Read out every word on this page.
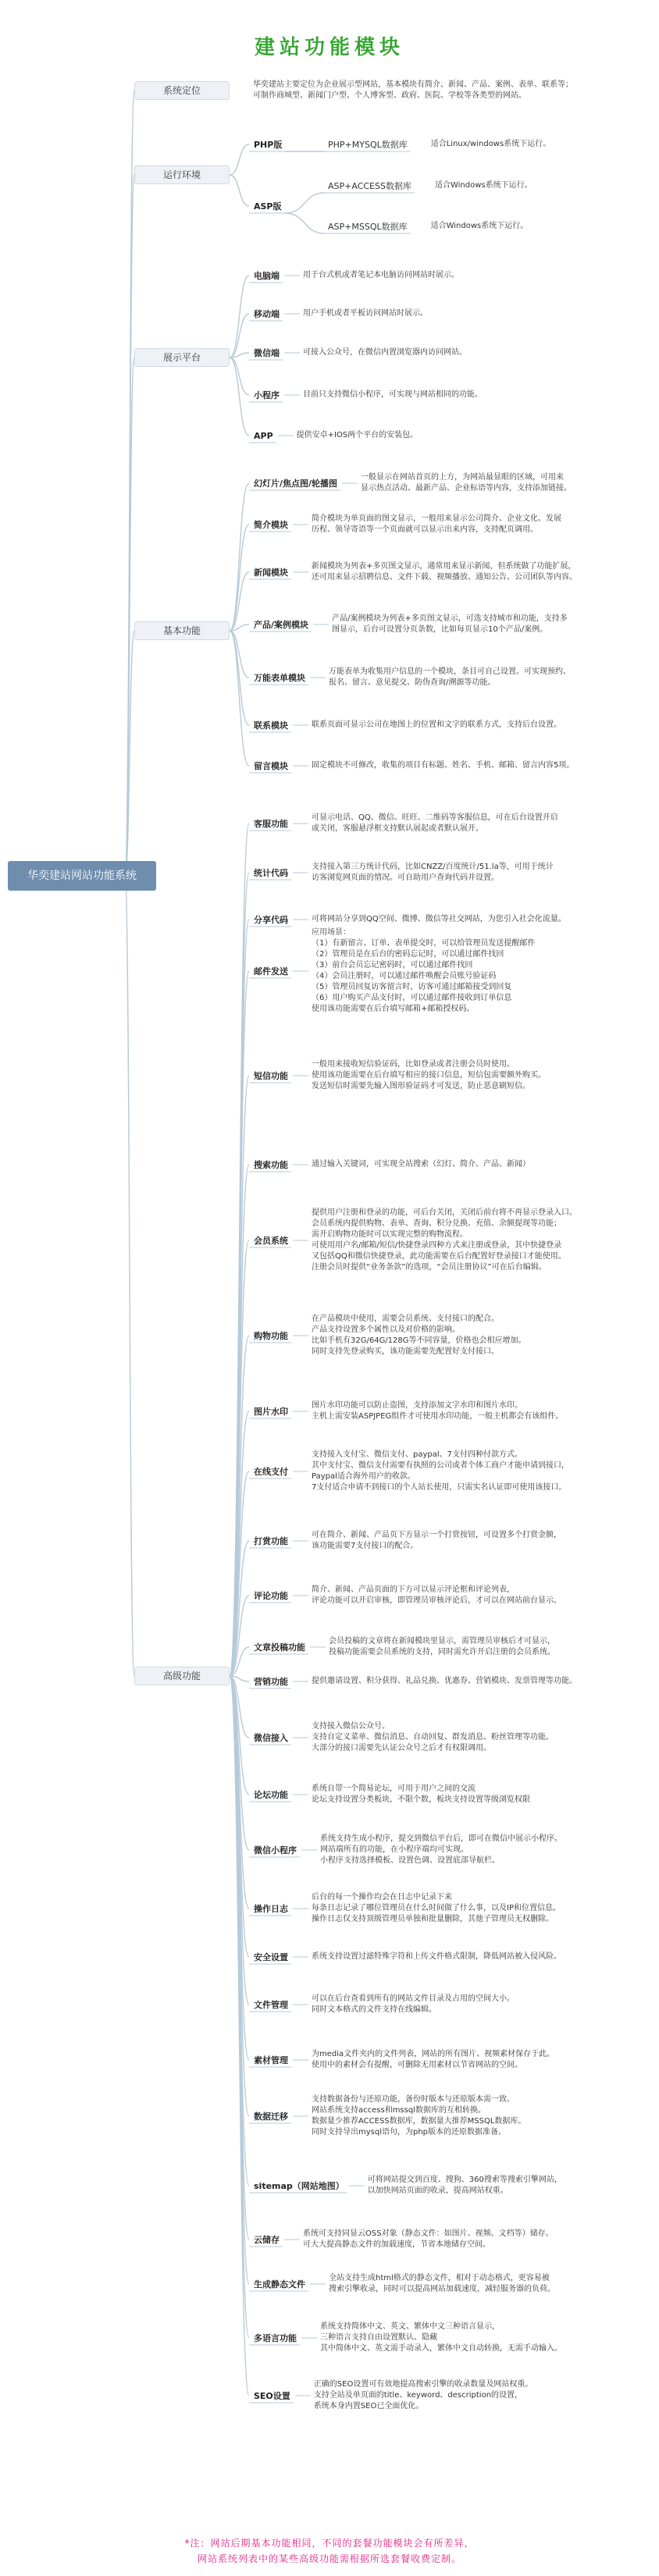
建站功能模块
华奕建站网站功能系统
系统定位
华奕建站主要定位为企业展示型网站，基本模块有简介、新闻、产品、案例、表单、联系等；
可制作商城型、新闻门户型、个人博客型、政府、医院、学校等各类型的网站。
运行环境
PHP版	PHP+MYSQL数据库	适合Linux/windows系统下运行。
ASP版
ASP+ACCESS数据库	适合Windows系统下运行。
ASP+MSSQL数据库	适合Windows系统下运行。
展示平台
电脑端	用于台式机或者笔记本电脑访问网站时展示。
移动端	用户手机或者平板访问网站时展示。
微信端	可接入公众号，在微信内置浏览器内访问网站。
小程序	目前只支持微信小程序，可实现与网站相同的功能。
APP	提供安卓+IOS两个平台的安装包。
基本功能
幻灯片/焦点图/轮播图
一般显示在网站首页的上方，为网站最显眼的区域，可用来
显示热点活动、最新产品、企业标语等内容，支持添加链接。
简介模块
简介模块为单页面的图文显示，一般用来显示公司简介、企业文化、发展
历程、领导寄语等一个页面就可以显示出来内容，支持配页调用。
新闻模块
新闻模块为列表+多页图文显示，通常用来显示新闻，但系统做了功能扩展，
还可用来显示招聘信息、文件下载、视频播放、通知公告、公司团队等内容。
产品/案例模块
产品/案例模块为列表+多页图文显示，可选支持城市和功能，支持多
图显示，后台可设置分页条数，比如每页显示10个产品/案例。
万能表单模块
万能表单为收集用户信息的一个模块，条目可自己设置。可实现预约、
报名、留言、意见提交、防伪查询/溯源等功能。
联系模块	联系页面可显示公司在地图上的位置和文字的联系方式，支持后台设置。
留言模块	固定模块不可修改，收集的项目有标题、姓名、手机、邮箱、留言内容5项。
高级功能
客服功能
可显示电话、QQ、微信、旺旺、二维码等客服信息，可在后台设置开启
或关闭，客服悬浮框支持默认展起或者默认展开。
统计代码
支持接入第三方统计代码，比如CNZZ/百度统计/51.la等，可用于统计
访客浏览网页面的情况。可自助用户查询代码并设置。
分享代码	可将网站分享到QQ空间、微博、微信等社交网站，为您引入社会化流量。
邮件发送
应用场景：
（1）有新留言、订单、表单提交时，可以给管理员发送提醒邮件
（2）管理员是在后台的密码忘记时，可以通过邮件找回
（3）前台会员忘记密码时，可以通过邮件找回
（4）会员注册时，可以通过邮件唤醒会员账号验证码
（5）管理员回复访客留言时，访客可通过邮箱接受到回复
（6）用户购买产品支付时，可以通过邮件接收到订单信息
使用该功能需要在后台填写邮箱+邮箱授权码。
短信功能
一般用来接收短信验证码，比如登录或者注册会员时使用。
使用该功能需要在后台填写相应的接口信息，短信包需要额外购买。
发送短信时需要先输入图形验证码才可发送，防止恶意刷短信。
搜索功能	通过输入关键词，可实现全站搜索（幻灯、简介、产品、新闻）
会员系统
提供用户注册和登录的功能，可后台关闭，关闭后前台将不再显示登录入口。
会员系统内提供购物、表单、查询、积分兑换、充值、余额提现等功能；
需开启购物功能时可以实现完整的购物流程。
可使用用户名/邮箱/短信/快捷登录四种方式来注册或登录，其中快捷登录
又包括QQ和微信快捷登录，此功能需要在后台配置好登录接口才能使用。
注册会员时提供“业务条款”的选项，“会员注册协议”可在后台编辑。
购物功能
在产品模块中使用，需要会员系统、支付接口的配合。
产品支持设置多个属性以及对价格的影响。
比如手机有32G/64G/128G等不同容量，价格也会相应增加。
同时支持先登录购买，该功能需要先配置好支付接口。
图片水印
图片水印功能可以防止盗图，支持添加文字水印和图片水印。
主机上需安装ASPJPEG组件才可使用水印功能，一般主机都会有该组件。
在线支付
支持接入支付宝、微信支付、paypal、7支付四种付款方式。
其中支付宝、微信支付需要有执照的公司或者个体工商户才能申请到接口，
Paypal适合海外用户的收款。
7支付适合申请不到接口的个人站长使用，只需实名认证即可使用该接口。
打赏功能
可在简介、新闻、产品页下方显示一个打赏按钮，可设置多个打赏金额，
该功能需要7支付接口的配合。
评论功能
简介、新闻、产品页面的下方可以显示评论框和评论列表，
评论功能可以开启审核，即管理员审核评论后，才可以在网站前台显示。
文章投稿功能
会员投稿的文章将在新闻模块里显示，需管理员审核后才可显示，
投稿功能需要会员系统的支持，同时需允许开启注册的会员系统。
营销功能	提供邀请设置、积分获得、礼品兑换、优惠券、营销模块、发票管理等功能。
微信接入
支持接入微信公众号。
支持自定义菜单、微信消息、自动回复、群发消息、粉丝管理等功能。
大部分的接口需要先认证公众号之后才有权限调用。
论坛功能
系统自带一个简易论坛，可用于用户之间的交流
论坛支持设置分类板块，不限个数，板块支持设置等级浏览权限
微信小程序
系统支持生成小程序，提交到微信平台后，即可在微信中展示小程序。
网站端所有的功能，在小程序端均可实现。
小程序支持选择模板、设置色调、设置底部导航栏。
操作日志
后台的每一个操作均会在日志中记录下来
每条日志记录了哪位管理员在什么时间做了什么事，以及IP和位置信息。
操作日志仅支持顶级管理员单独和批量删除，其他子管理员无权删除。
安全设置	系统支持设置过滤特殊字符和上传文件格式限制，降低网站被入侵风险。
文件管理
可以在后台查看到所有的网站文件目录及占用的空间大小。
同时文本格式的文件支持在线编辑。
素材管理
为media文件夹内的文件列表，网站的所有图片、视频素材保存于此。
使用中的素材会有提醒，可删除无用素材以节省网站的空间。
数据迁移
支持数据备份与还原功能，备份时版本与还原版本需一致。
网站系统支持access和mssql数据库的互相转换。
数据量少推荐ACCESS数据库，数据量大推荐MSSQL数据库。
同时支持导出mysql语句，为php版本的还原数据准备。
sitemap（网站地图）
可将网站提交到百度、搜狗、360搜索等搜索引擎网站，
以加快网站页面的收录，提高网站权重。
云储存
系统可支持同显云OSS对象（静态文件：如图片、视频、文档等）储存。
可大大提高静态文件的加载速度，节省本地储存空间。
生成静态文件
全站支持生成html格式的静态文件，相对于动态格式，更容易被
搜索引擎收录，同时可以提高网站加载速度，减轻服务器的负荷。
多语言功能
系统支持简体中文、英文、繁体中文三种语言显示，
三种语言支持自由设置默认、隐藏
其中简体中文、英文需手动录入，繁体中文自动转换，无需手动输入。
SEO设置
正确的SEO设置可有效地提高搜索引擎的收录数量及网站权重。
支持全站及单页面的title、keyword、description的设置，
系统本身内置SEO已全面优化。
*注：网站后期基本功能相同，不同的套餐功能模块会有所差异，
网站系统列表中的某些高级功能需根据所选套餐收费定制。
